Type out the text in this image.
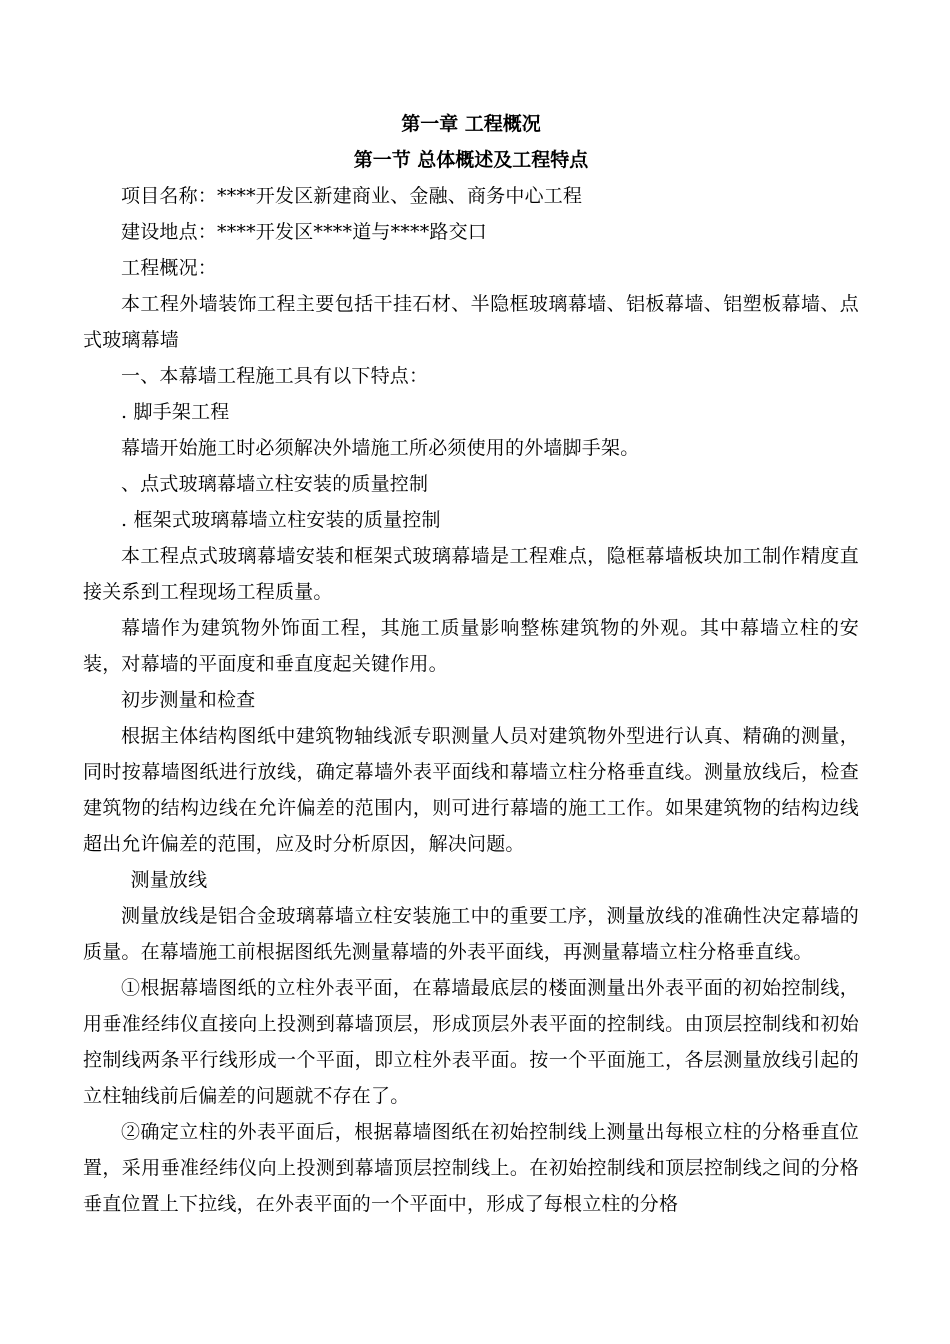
第一章 工程概况
第一节 总体概述及工程特点

项目名称：****开发区新建商业、金融、商务中心工程

建设地点：****开发区****道与****路交口

工程概况：

本工程外墙装饰工程主要包括干挂石材、半隐框玻璃幕墙、铝板幕墙、铝塑板幕墙、点式玻璃幕墙

一、本幕墙工程施工具有以下特点：

. 脚手架工程

幕墙开始施工时必须解决外墙施工所必须使用的外墙脚手架。

、点式玻璃幕墙立柱安装的质量控制

. 框架式玻璃幕墙立柱安装的质量控制

本工程点式玻璃幕墙安装和框架式玻璃幕墙是工程难点，隐框幕墙板块加工制作精度直接关系到工程现场工程质量。

幕墙作为建筑物外饰面工程，其施工质量影响整栋建筑物的外观。其中幕墙立柱的安装，对幕墙的平面度和垂直度起关键作用。

初步测量和检查

根据主体结构图纸中建筑物轴线派专职测量人员对建筑物外型进行认真、精确的测量，同时按幕墙图纸进行放线，确定幕墙外表平面线和幕墙立柱分格垂直线。测量放线后，检查建筑物的结构边线在允许偏差的范围内，则可进行幕墙的施工工作。如果建筑物的结构边线超出允许偏差的范围，应及时分析原因，解决问题。

测量放线

测量放线是铝合金玻璃幕墙立柱安装施工中的重要工序，测量放线的准确性决定幕墙的质量。在幕墙施工前根据图纸先测量幕墙的外表平面线，再测量幕墙立柱分格垂直线。

①根据幕墙图纸的立柱外表平面，在幕墙最底层的楼面测量出外表平面的初始控制线，用垂准经纬仪直接向上投测到幕墙顶层，形成顶层外表平面的控制线。由顶层控制线和初始控制线两条平行线形成一个平面，即立柱外表平面。按一个平面施工，各层测量放线引起的立柱轴线前后偏差的问题就不存在了。

②确定立柱的外表平面后，根据幕墙图纸在初始控制线上测量出每根立柱的分格垂直位置，采用垂准经纬仪向上投测到幕墙顶层控制线上。在初始控制线和顶层控制线之间的分格垂直位置上下拉线，在外表平面的一个平面中，形成了每根立柱的分格
